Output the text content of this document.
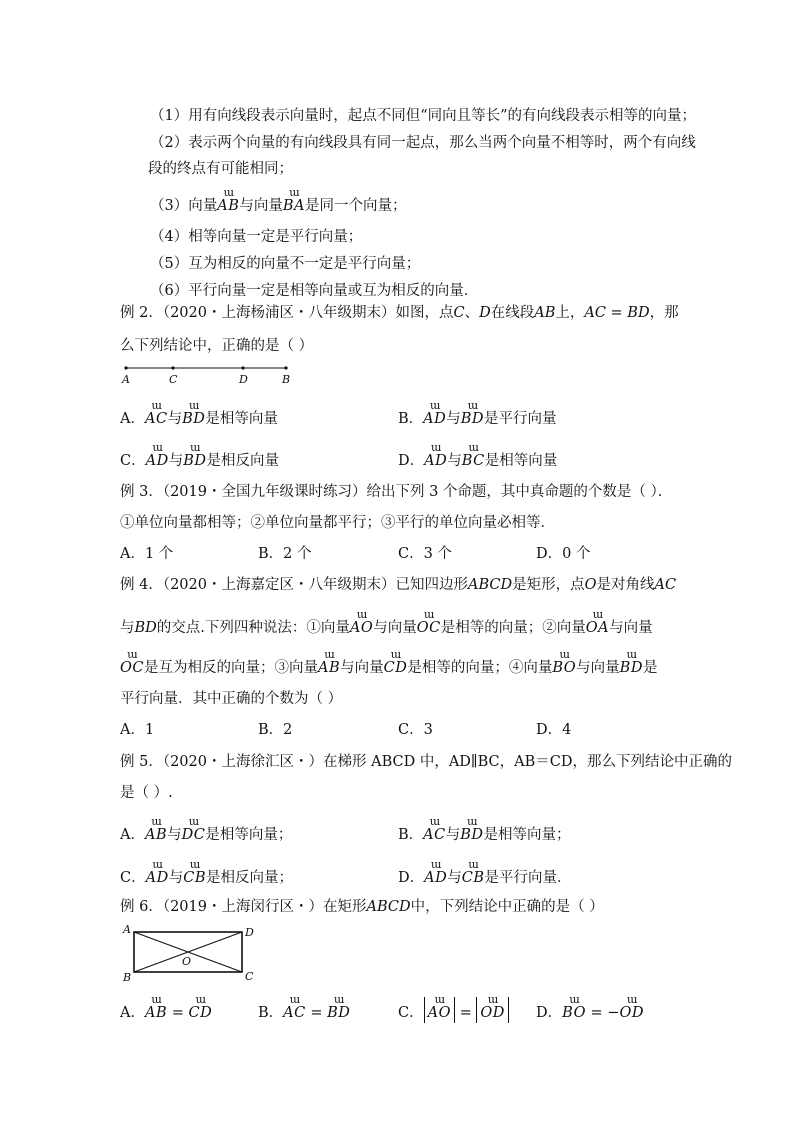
（1）用有向线段表示向量时，起点不同但“同向且等长”的有向线段表示相等的向量；
（2）表示两个向量的有向线段具有同一起点，那么当两个向量不相等时，两个有向线
段的终点有可能相同；
（3）向量ɯ AB与向量ɯ BA是同一个向量；
（4）相等向量一定是平行向量；
（5）互为相反的向量不一定是平行向量；
（6）平行向量一定是相等向量或互为相反的向量．
例 2．（2020・上海杨浦区・八年级期末）如图，点C、D在线段AB上，AC = BD，那
么下列结论中，正确的是（ ）
A	C	D	B
A．ɯ AC与ɯ BD是相等向量	B．ɯ AD与ɯ BD是平行向量
C．ɯ AD与ɯ BD是相反向量	D．ɯ AD与ɯ BC是相等向量
例 3．（2019・全国九年级课时练习）给出下列 3 个命题，其中真命题的个数是（ ）．
①单位向量都相等；②单位向量都平行；③平行的单位向量必相等．
A．1 个	B．2 个	C．3 个	D．0 个
例 4．（2020・上海嘉定区・八年级期末）已知四边形ABCD是矩形，点O是对角线AC
与BD的交点.下列四种说法：①向量ɯ AO与向量ɯ OC是相等的向量；②向量ɯ OA与向量
ɯ OC是互为相反的向量；③向量ɯ AB与向量ɯ CD是相等的向量；④向量ɯ BO与向量ɯ BD是
平行向量．其中正确的个数为（ ）
A．1	B．2	C．3	D．4
例 5．（2020・上海徐汇区・）在梯形 ABCD 中，AD∥BC，AB＝CD，那么下列结论中正确的
是（ ）.
A．ɯ AB与ɯ DC是相等向量；	B．ɯ AC与ɯ BD是相等向量；
C．ɯ AD与ɯ CB是相反向量；	D．ɯ AD与ɯ CB是平行向量．
例 6．（2019・上海闵行区・）在矩形ABCD中，下列结论中正确的是（ ）
A	D
B	C
O
A．ɯ AB = ɯ CD	B．ɯ AC = ɯ BD	C．ɯ AO = ɯ OD D．ɯ BO = −ɯ OD
